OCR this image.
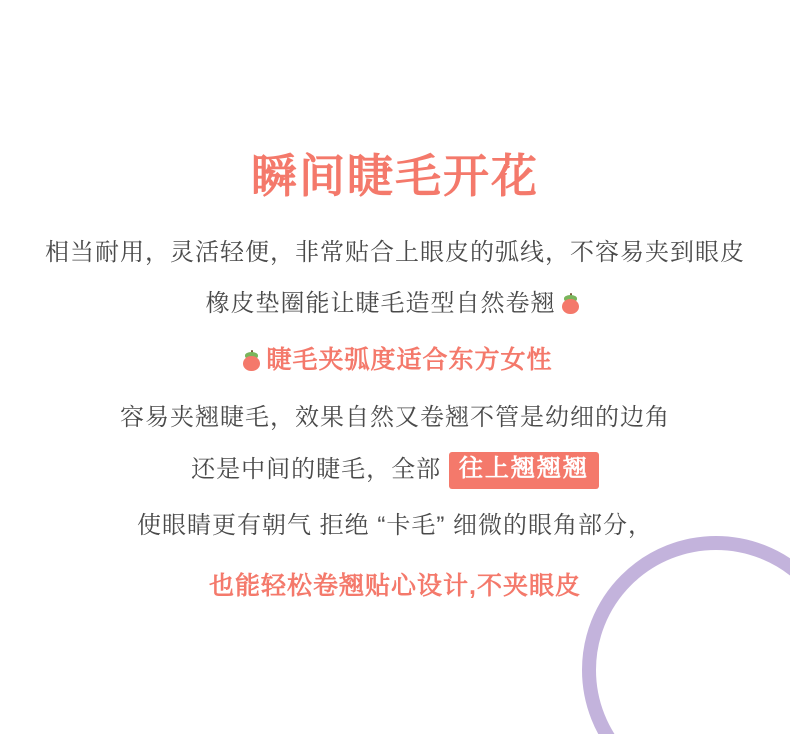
瞬间睫毛开花
相当耐用，灵活轻便，非常贴合上眼皮的弧线，不容易夹到眼皮
橡皮垫圈能让睫毛造型自然卷翘
睫毛夹弧度适合东方女性
容易夹翘睫毛，效果自然又卷翘不管是幼细的边角
还是中间的睫毛，全部 往上翘翘翘
使眼睛更有朝气 拒绝 “卡毛” 细微的眼角部分，
也能轻松卷翘贴心设计,不夹眼皮
